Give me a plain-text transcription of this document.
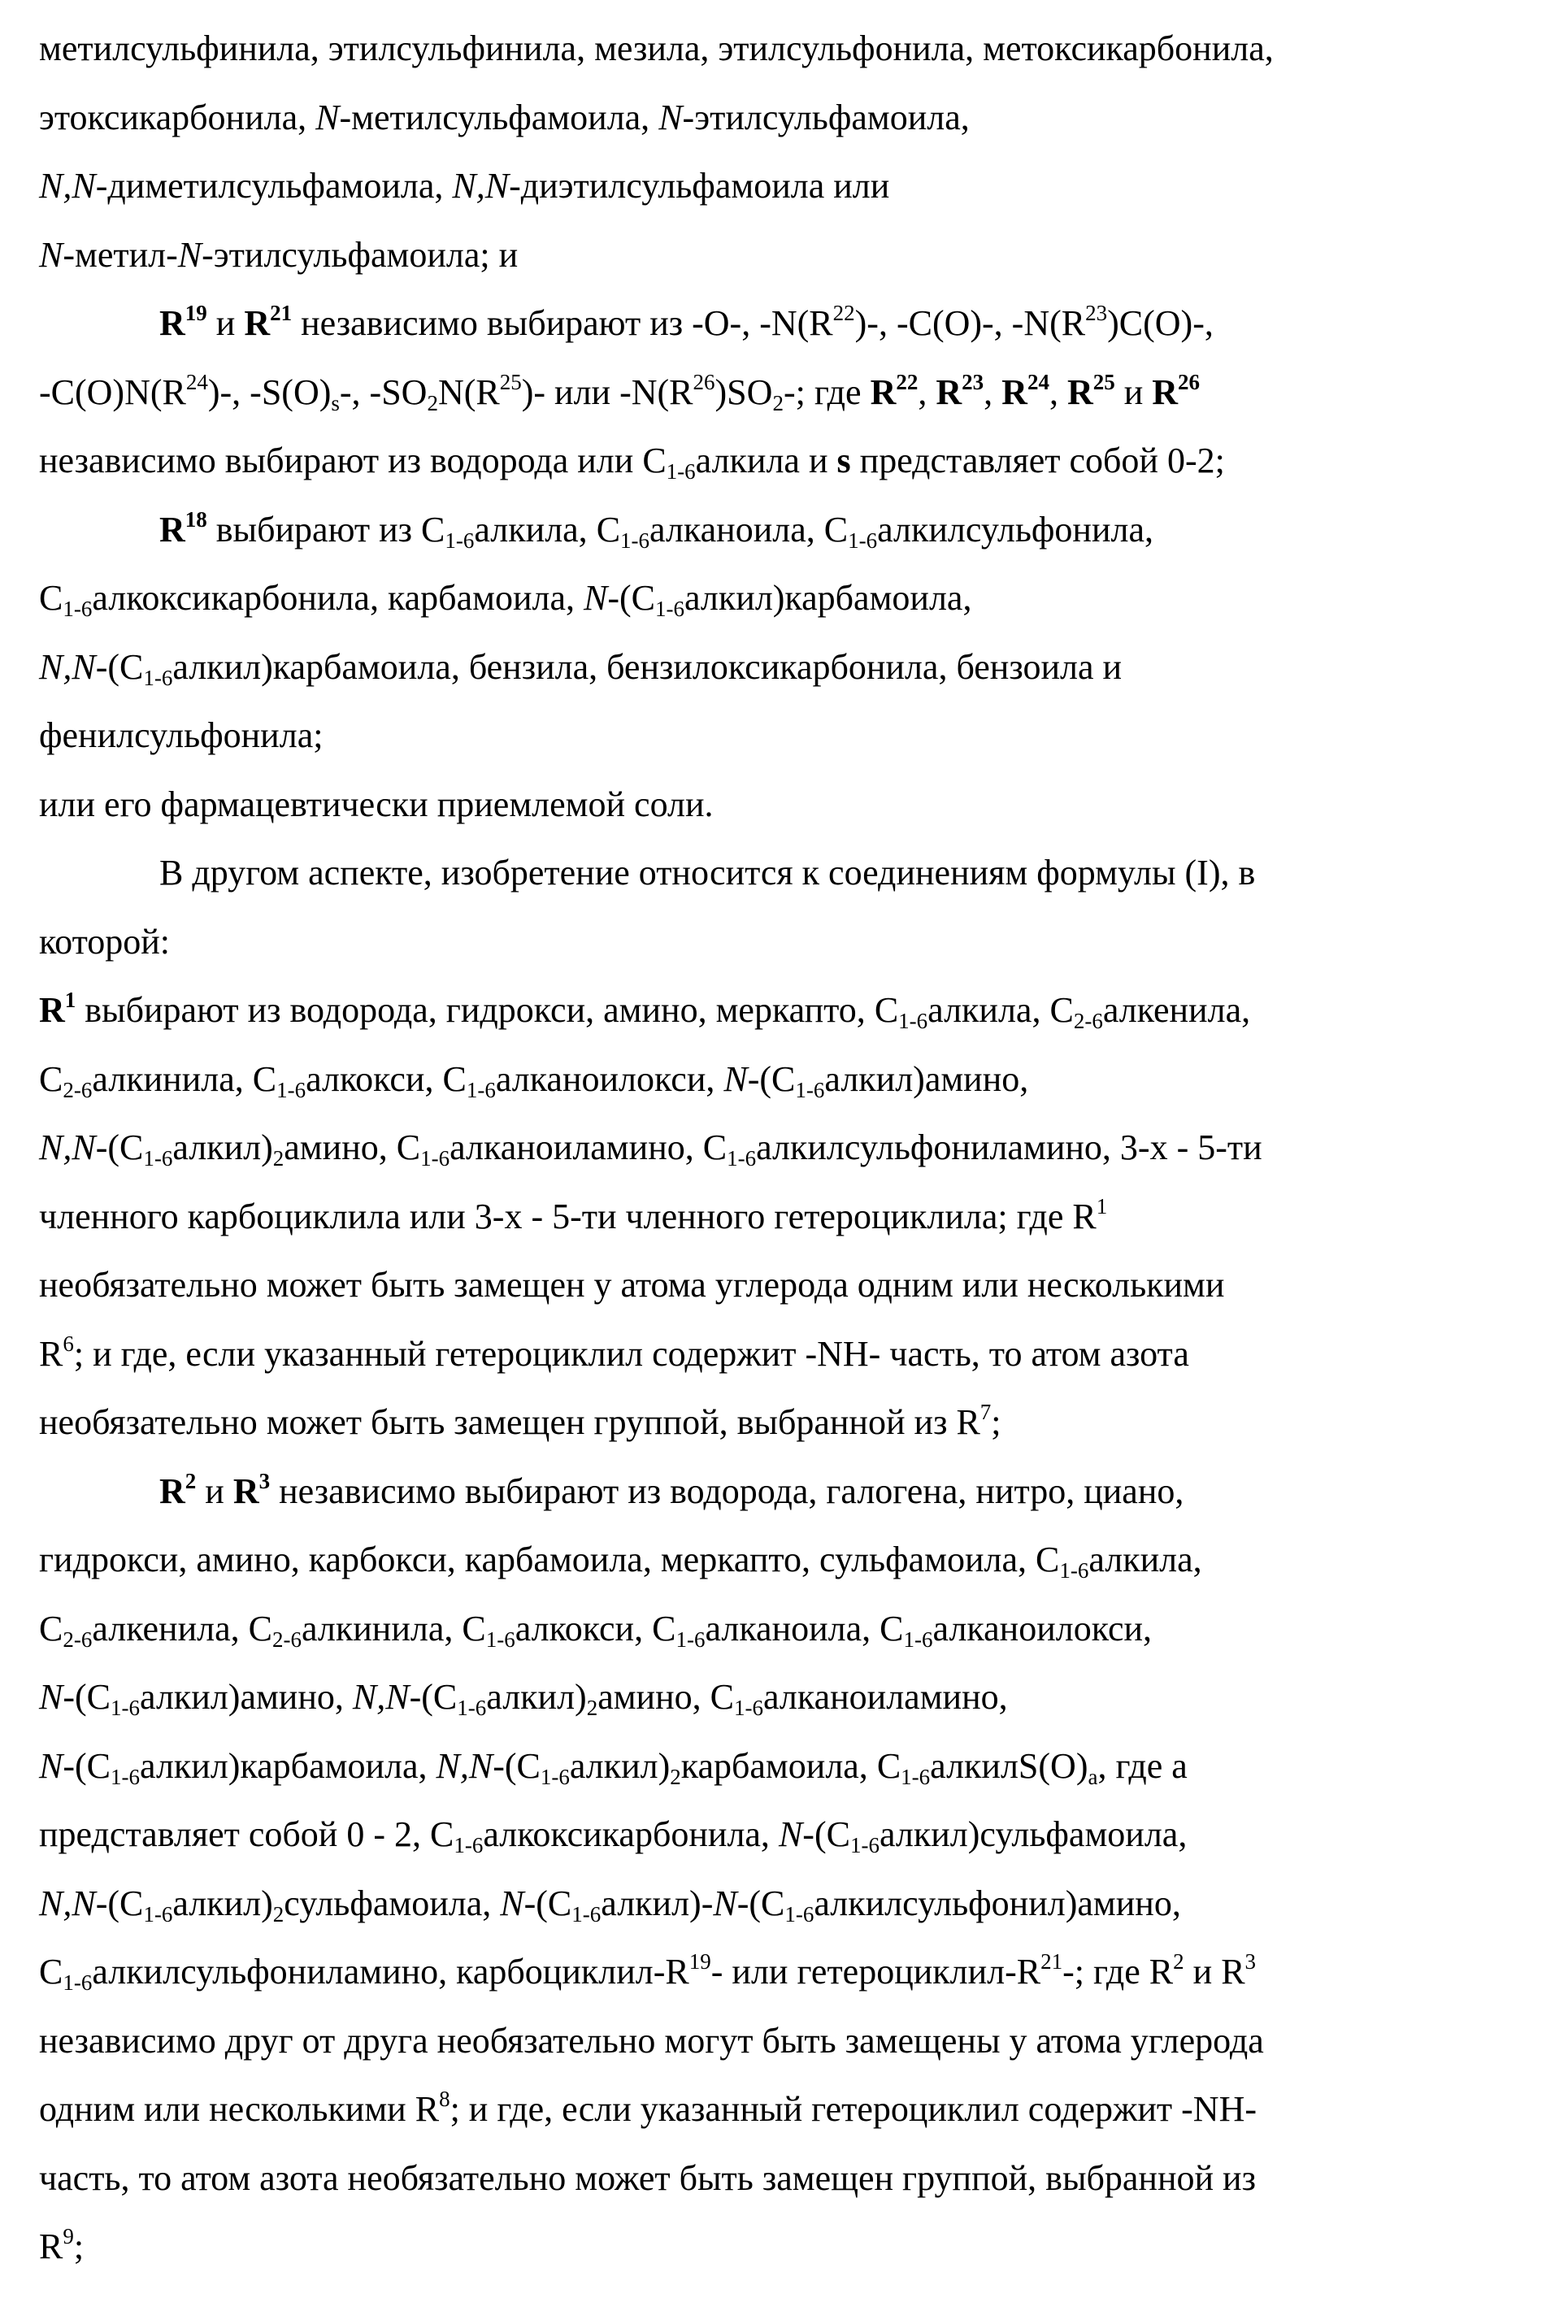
метилсульфинила, этилсульфинила, мезила, этилсульфонила, метоксикарбонила,
этоксикарбонила, N-метилсульфамоила, N-этилсульфамоила,
N,N-диметилсульфамоила, N,N-диэтилсульфамоила или
N-метил-N-этилсульфамоила; и
$R^{19}$ и $R^{21}$ независимо выбирают из -O-, $-N(R^{22})-$, -C(O)-, $-N(R^{23})C(O)-$,
$-C(O)N(R^{24})-$, $-S(O)_s-$, $-SO_2N(R^{25})-$ или $-N(R^{26})SO_2-$; где $R^{22}$, $R^{23}$, $R^{24}$, $R^{25}$ и $R^{26}$
независимо выбирают из водорода или $C_{1-6}алкила$ и s представляет собой 0-2;
$R^{18}$ выбирают из $C_{1-6}алкила$, $C_{1-6}алканоила$, $C_{1-6}алкилсульфонила$,
$C_{1-6}алкоксикарбонила$, карбамоила, $N-(C_{1-6}алкил)карбамоила$,
$N,N-(C_{1-6}алкил)карбамоила$, бензила, бензилоксикарбонила, бензоила и
фенилсульфонила;
или его фармацевтически приемлемой соли.
В другом аспекте, изобретение относится к соединениям формулы (I), в
которой:
$R^1$ выбирают из водорода, гидрокси, амино, меркапто, $C_{1-6}алкила$, $C_{2-6}алкенила$,
$C_{2-6}алкинила$, $C_{1-6}алкокси$, $C_{1-6}алканоилокси$, $N-(C_{1-6}алкил)амино$,
$N,N-(C_{1-6}алкил)_2амино$, $C_{1-6}алканоиламино$, $C_{1-6}алкилсульфониламино$, 3-х - 5-ти
членного карбоциклила или 3-х - 5-ти членного гетероциклила; где $R^1$
необязательно может быть замещен у атома углерода одним или несколькими
$R^6$; и где, если указанный гетероциклил содержит -NH- часть, то атом азота
необязательно может быть замещен группой, выбранной из $R^7$;
$R^2$ и $R^3$ независимо выбирают из водорода, галогена, нитро, циано,
гидрокси, амино, карбокси, карбамоила, меркапто, сульфамоила, $C_{1-6}алкила$,
$C_{2-6}алкенила$, $C_{2-6}алкинила$, $C_{1-6}алкокси$, $C_{1-6}алканоила$, $C_{1-6}алканоилокси$,
$N-(C_{1-6}алкил)амино$, $N,N-(C_{1-6}алкил)_2амино$, $C_{1-6}алканоиламино$,
$N-(C_{1-6}алкил)карбамоила$, $N,N-(C_{1-6}алкил)_2карбамоила$, $C_{1-6}алкилS(O)_a$, где a
представляет собой 0 - 2, $C_{1-6}алкоксикарбонила$, $N-(C_{1-6}алкил)сульфамоила$,
$N,N-(C_{1-6}алкил)_2сульфамоила$, $N-(C_{1-6}алкил)-N-(C_{1-6}алкилсульфонил)амино$,
$C_{1-6}алкилсульфониламино$, карбоциклил-$R^{19}-$ или гетероциклил-$R^{21}-$; где $R^2$ и $R^3$
независимо друг от друга необязательно могут быть замещены у атома углерода
одним или несколькими $R^8$; и где, если указанный гетероциклил содержит -NH-
часть, то атом азота необязательно может быть замещен группой, выбранной из
$R^9$;
